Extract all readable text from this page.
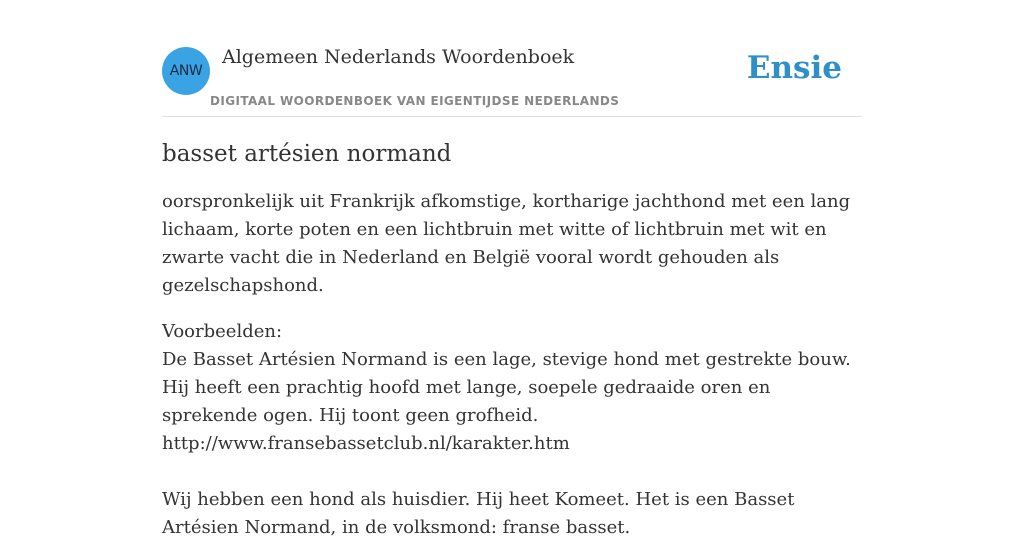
ANW
Algemeen Nederlands Woordenboek
DIGITAAL WOORDENBOEK VAN EIGENTIJDSE NEDERLANDS
Ensie
basset artésien normand

oorspronkelijk uit Frankrijk afkomstige, kortharige jachthond met een lang lichaam, korte poten en een lichtbruin met witte of lichtbruin met wit en zwarte vacht die in Nederland en België vooral wordt gehouden als gezelschapshond.

Voorbeelden:
De Basset Artésien Normand is een lage, stevige hond met gestrekte bouw. Hij heeft een prachtig hoofd met lange, soepele gedraaide oren en sprekende ogen. Hij toont geen grofheid.
http://www.fransebassetclub.nl/karakter.htm
Wij hebben een hond als huisdier. Hij heet Komeet. Het is een Basset Artésien Normand, in de volksmond: franse basset.
